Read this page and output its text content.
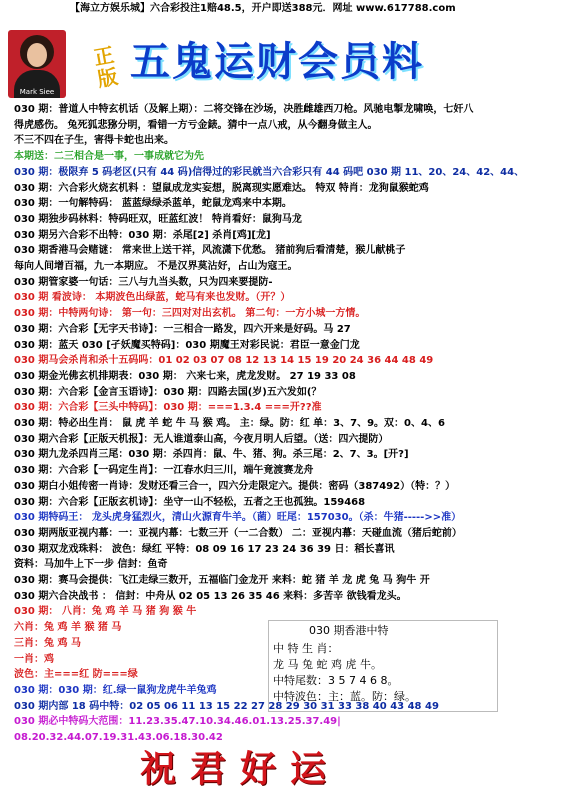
【海立方娱乐城】六合彩投注1赔48.5，开户即送388元．网址 www.617788.com
Mark Siee
正版 五鬼运财会员料
030 期：普道人中特玄机话（及解上期）：二将交锋在沙场，决胜雌雄西刀枪。风驰电掣龙啸唤，七奸八
得虎感伤。 兔死狐悲猕分明，看错一方亏金錶。猜中一点八戒，从今翻身做主人。
不三不四在子生，害得卡蛇也出来。
本期送：二三相合是一事，一事成就它为先
030 期：极限弃 5 码老区(只有 44 码)信得过的彩民就当六合彩只有 44 码吧 030 期 11、20、24、42、44、
030 期：六合彩火烧玄机料 ：望鼠成龙实妄想，脱离现实愿难达。 特双 特肖：龙狗鼠猴蛇鸡
030 期：一句解特码： 蓝蓝绿绿杀蓝单，蛇鼠龙鸡来中本期。
030 期独步码林料：特码旺双，旺蓝红波！ 特肖看好：鼠狗马龙
030 期另六合彩不出特：030 期：杀尾[2] 杀肖[鸡][龙]
030 期香港马会赌谜： 常来世上送干祥，风流潇下优愁。 猪前狗后看清楚，猴儿献桃子
每向人间增百福，九一本期应。 不是汉界莫沾好，占山为寇王。
030 期管家婆一句话：三八与九当头数，只为四来要提防-
030 期 看波诗： 本期波色出绿蓝，蛇马有来也发财。（开？）
030 期：中特两句诗： 第一句：三四对对出玄机。 第二句：一方小城一方情。
030 期：六合彩【无字天书诗】：一三相合一路发，四六开来是好码。马 27
030 期：蓝天 030 [孑妖魔买特码]：030 期魔王对彩民说：君臣一意金门龙
030 期马会杀肖和杀十五码吗：01 02 03 07 08 12 13 14 15 19 20 24 36 44 48 49
030 期金光佛玄机排期表：030 期： 六来七来，虎龙发财。 27 19 33 08
030 期：六合彩【金言玉语诗】：030 期：四路去国(岁)五六发如(？
030 期：六合彩【三头中特码】：030 期：===1.3.4 ===开??准
030 期：特必出生肖： 鼠 虎 羊 蛇 牛 马 猴 鸡。 主：绿。防：红 单：3、7、9。双：0、4、6
030 期六合彩【正版天机报】：无人谁道泰山高，今夜月明人后望。（送：四六提防）
030 期九龙杀四肖三尾：030 期：杀四肖：鼠、牛、猪、狗。杀三尾：2、7、3。[开?]
030 期：六合彩【一码定生肖】：一江春水归三川，端午竟渡赛龙舟
030 期白小姐传密一肖诗：发财还看三合一，四六分走限定六。提供：密码（387492）（特：？）
030 期：六合彩【正版玄机诗】：坐守一山不轻松，五者之王也孤独。159468
030 期特码王： 龙头虎身猛烈火，清山火源育牛羊。（菌）旺尾：157030。（杀：牛猪----->>准）
030 期两版亚视内幕：一：亚视内幕：七数三开（一二合数） 二：亚视内幕：天碰血流（猪后蛇前）
030 期双龙戏珠料： 波色：绿红 平特：08 09 16 17 23 24 36 39 日：稻长喜讯
资料：马加牛上下一步 信封：鱼奇
030 期：赛马会提供：飞江走绿三数开，五福临门金龙开 来料：蛇 猪 羊 龙 虎 兔 马 狗牛 开
030 期六合决战书 ： 信封：中舟从 02 05 13 26 35 46 来料：多苦辛 欲钱看龙头。
030 期： 八肖：兔 鸡 羊 马 猪 狗 猴 牛
六肖：兔 鸡 羊 猴 猪 马
三肖：兔 鸡 马
一肖：鸡
波色：主===红 防===绿
030 期：030 期：红.绿一鼠狗龙虎牛羊兔鸡
030 期内部 18 码中特：02 05 06 11 13 15 22 27 28 29 30 31 33 38 40 43 48 49
030 期必中特码大范围：11.23.35.47.10.34.46.01.13.25.37.49|
08.20.32.44.07.19.31.43.06.18.30.42
030 期香港中特
中 特 生 肖：
龙 马 兔 蛇 鸡 虎 牛。
中特尾数：3 5 7 4 6 8。
中特波色：主：蓝。防：绿。
祝君好运
